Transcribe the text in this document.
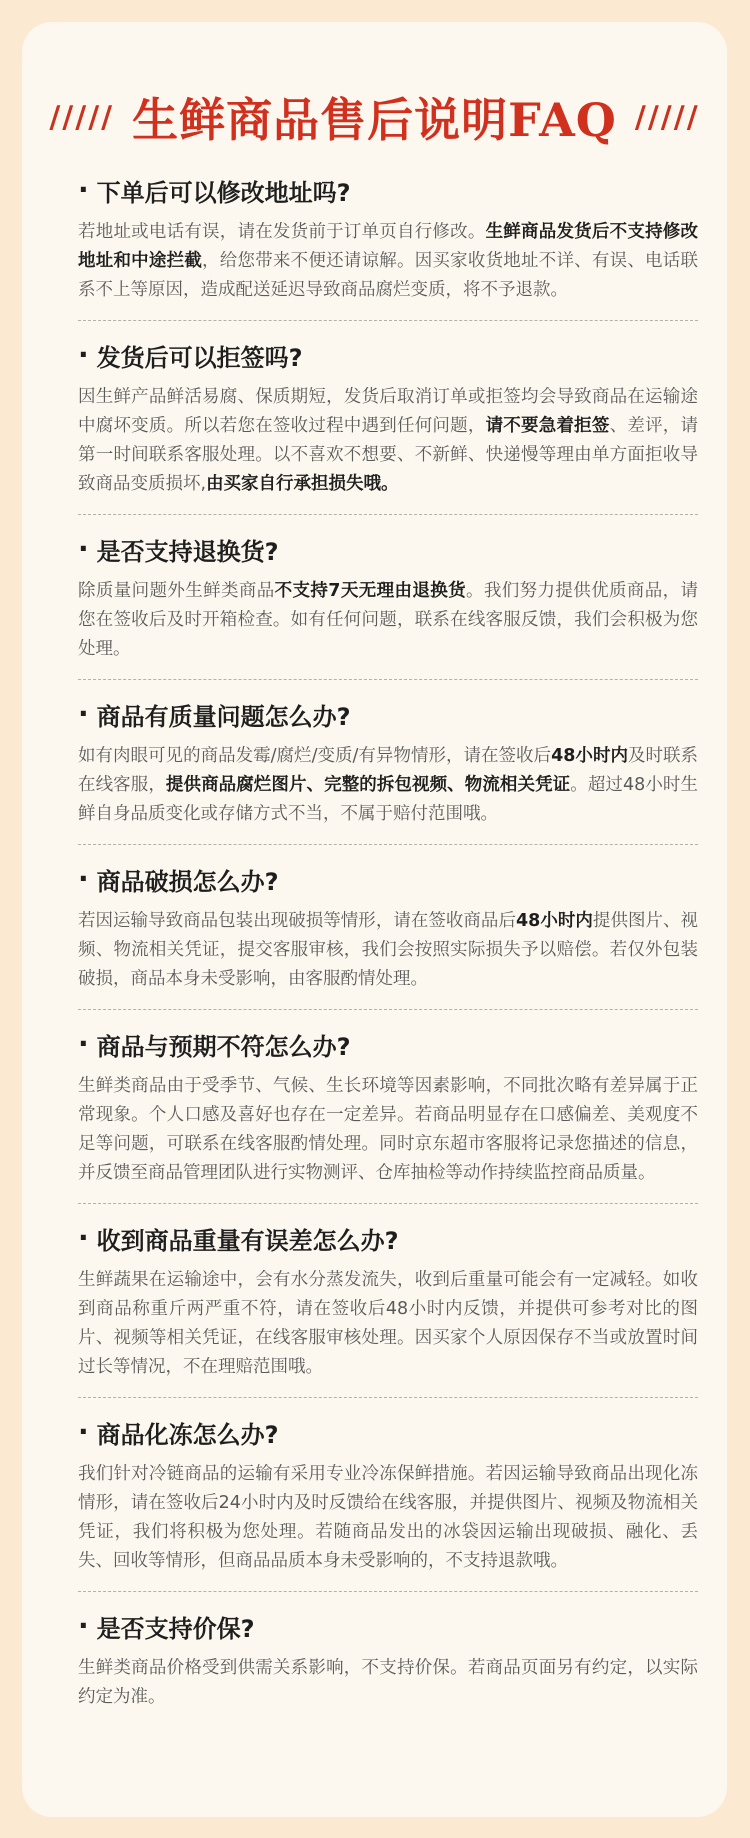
///// 生鲜商品售后说明FAQ /////
· 下单后可以修改地址吗?
若地址或电话有误，请在发货前于订单页自行修改。生鲜商品发货后不支持修改地址和中途拦截，给您带来不便还请谅解。因买家收货地址不详、有误、电话联系不上等原因，造成配送延迟导致商品腐烂变质，将不予退款。
· 发货后可以拒签吗?
因生鲜产品鲜活易腐、保质期短，发货后取消订单或拒签均会导致商品在运输途中腐坏变质。所以若您在签收过程中遇到任何问题，请不要急着拒签、差评，请第一时间联系客服处理。以不喜欢不想要、不新鲜、快递慢等理由单方面拒收导致商品变质损坏,由买家自行承担损失哦。
· 是否支持退换货?
除质量问题外生鲜类商品不支持7天无理由退换货。我们努力提供优质商品，请您在签收后及时开箱检查。如有任何问题，联系在线客服反馈，我们会积极为您处理。
· 商品有质量问题怎么办?
如有肉眼可见的商品发霉/腐烂/变质/有异物情形，请在签收后48小时内及时联系在线客服，提供商品腐烂图片、完整的拆包视频、物流相关凭证。超过48小时生鲜自身品质变化或存储方式不当，不属于赔付范围哦。
· 商品破损怎么办?
若因运输导致商品包装出现破损等情形，请在签收商品后48小时内提供图片、视频、物流相关凭证，提交客服审核，我们会按照实际损失予以赔偿。若仅外包装破损，商品本身未受影响，由客服酌情处理。
· 商品与预期不符怎么办?
生鲜类商品由于受季节、气候、生长环境等因素影响，不同批次略有差异属于正常现象。个人口感及喜好也存在一定差异。若商品明显存在口感偏差、美观度不足等问题，可联系在线客服酌情处理。同时京东超市客服将记录您描述的信息，并反馈至商品管理团队进行实物测评、仓库抽检等动作持续监控商品质量。
· 收到商品重量有误差怎么办?
生鲜蔬果在运输途中，会有水分蒸发流失，收到后重量可能会有一定减轻。如收到商品称重斤两严重不符，请在签收后48小时内反馈，并提供可参考对比的图片、视频等相关凭证，在线客服审核处理。因买家个人原因保存不当或放置时间过长等情况，不在理赔范围哦。
· 商品化冻怎么办?
我们针对冷链商品的运输有采用专业冷冻保鲜措施。若因运输导致商品出现化冻情形，请在签收后24小时内及时反馈给在线客服，并提供图片、视频及物流相关凭证，我们将积极为您处理。若随商品发出的冰袋因运输出现破损、融化、丢失、回收等情形，但商品品质本身未受影响的，不支持退款哦。
· 是否支持价保?
生鲜类商品价格受到供需关系影响，不支持价保。若商品页面另有约定，以实际约定为准。
